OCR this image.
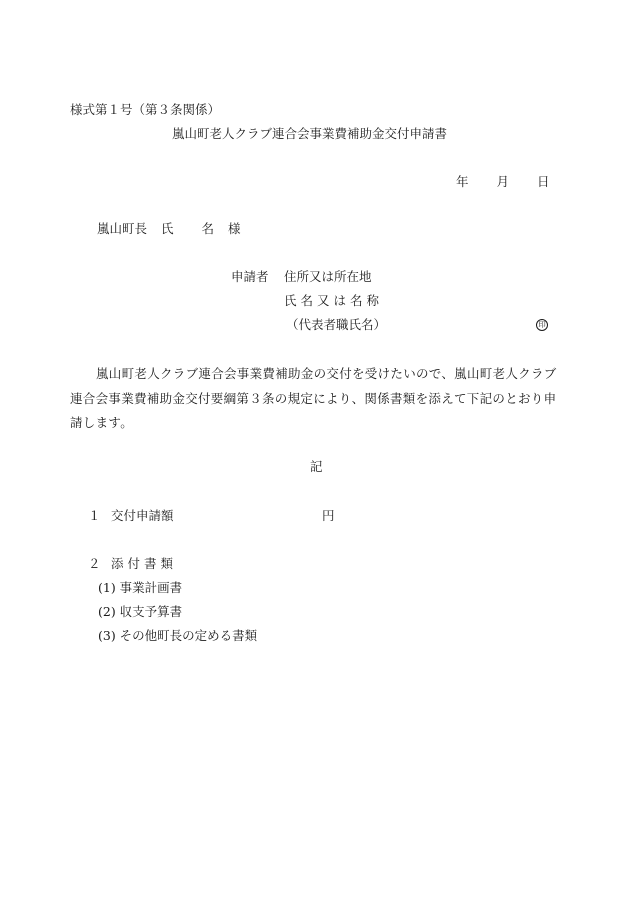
様式第１号（第３条関係）
嵐山町老人クラブ連合会事業費補助金交付申請書
年 月 日
嵐山町長 氏 名 様
申請者 住所又は所在地
氏名又は名称
（代表者職氏名）	印
嵐山町老人クラブ連合会事業費補助金の交付を受けたいので、嵐山町老人クラブ連合会事業費補助金交付要綱第３条の規定により、関係書類を添えて下記のとおり申請します。
記
１ 交付申請額	円
２ 添付書類
(1) 事業計画書
(2) 収支予算書
(3) その他町長の定める書類
